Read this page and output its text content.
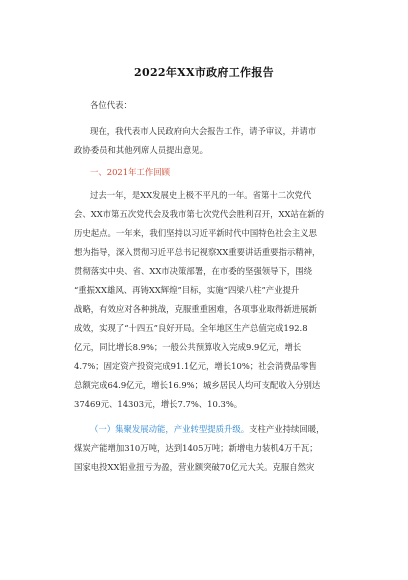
2022年XX市政府工作报告
各位代表：
现在，我代表市人民政府向大会报告工作，请予审议，并请市
政协委员和其他列席人员提出意见。
一、2021年工作回顾
过去一年，是XX发展史上极不平凡的一年。省第十二次党代
会、XX市第五次党代会及我市第七次党代会胜利召开，XX站在新的
历史起点。一年来，我们坚持以习近平新时代中国特色社会主义思
想为指导，深入贯彻习近平总书记视察XX重要讲话重要指示精神，
贯彻落实中央、省、XX市决策部署，在市委的坚强领导下，围绕
“重振XX雄风、再铸XX辉煌”目标，实施“四梁八柱”产业提升
战略，有效应对各种挑战，克服重重困难，各项事业取得新进展新
成效，实现了“十四五”良好开局。全年地区生产总值完成192.8
亿元，同比增长8.9%；一般公共预算收入完成9.9亿元，增长
4.7%；固定资产投资完成91.1亿元，增长10%；社会消费品零售
总额完成64.9亿元，增长16.9%；城乡居民人均可支配收入分别达
37469元、14303元，增长7.7%、10.3%。
（一）集聚发展动能，产业转型提质升级。支柱产业持续回暖，
煤炭产能增加310万吨，达到1405万吨；新增电力装机4万千瓦；
国家电投XX铝业扭亏为盈，营业额突破70亿元大关。克服自然灾
